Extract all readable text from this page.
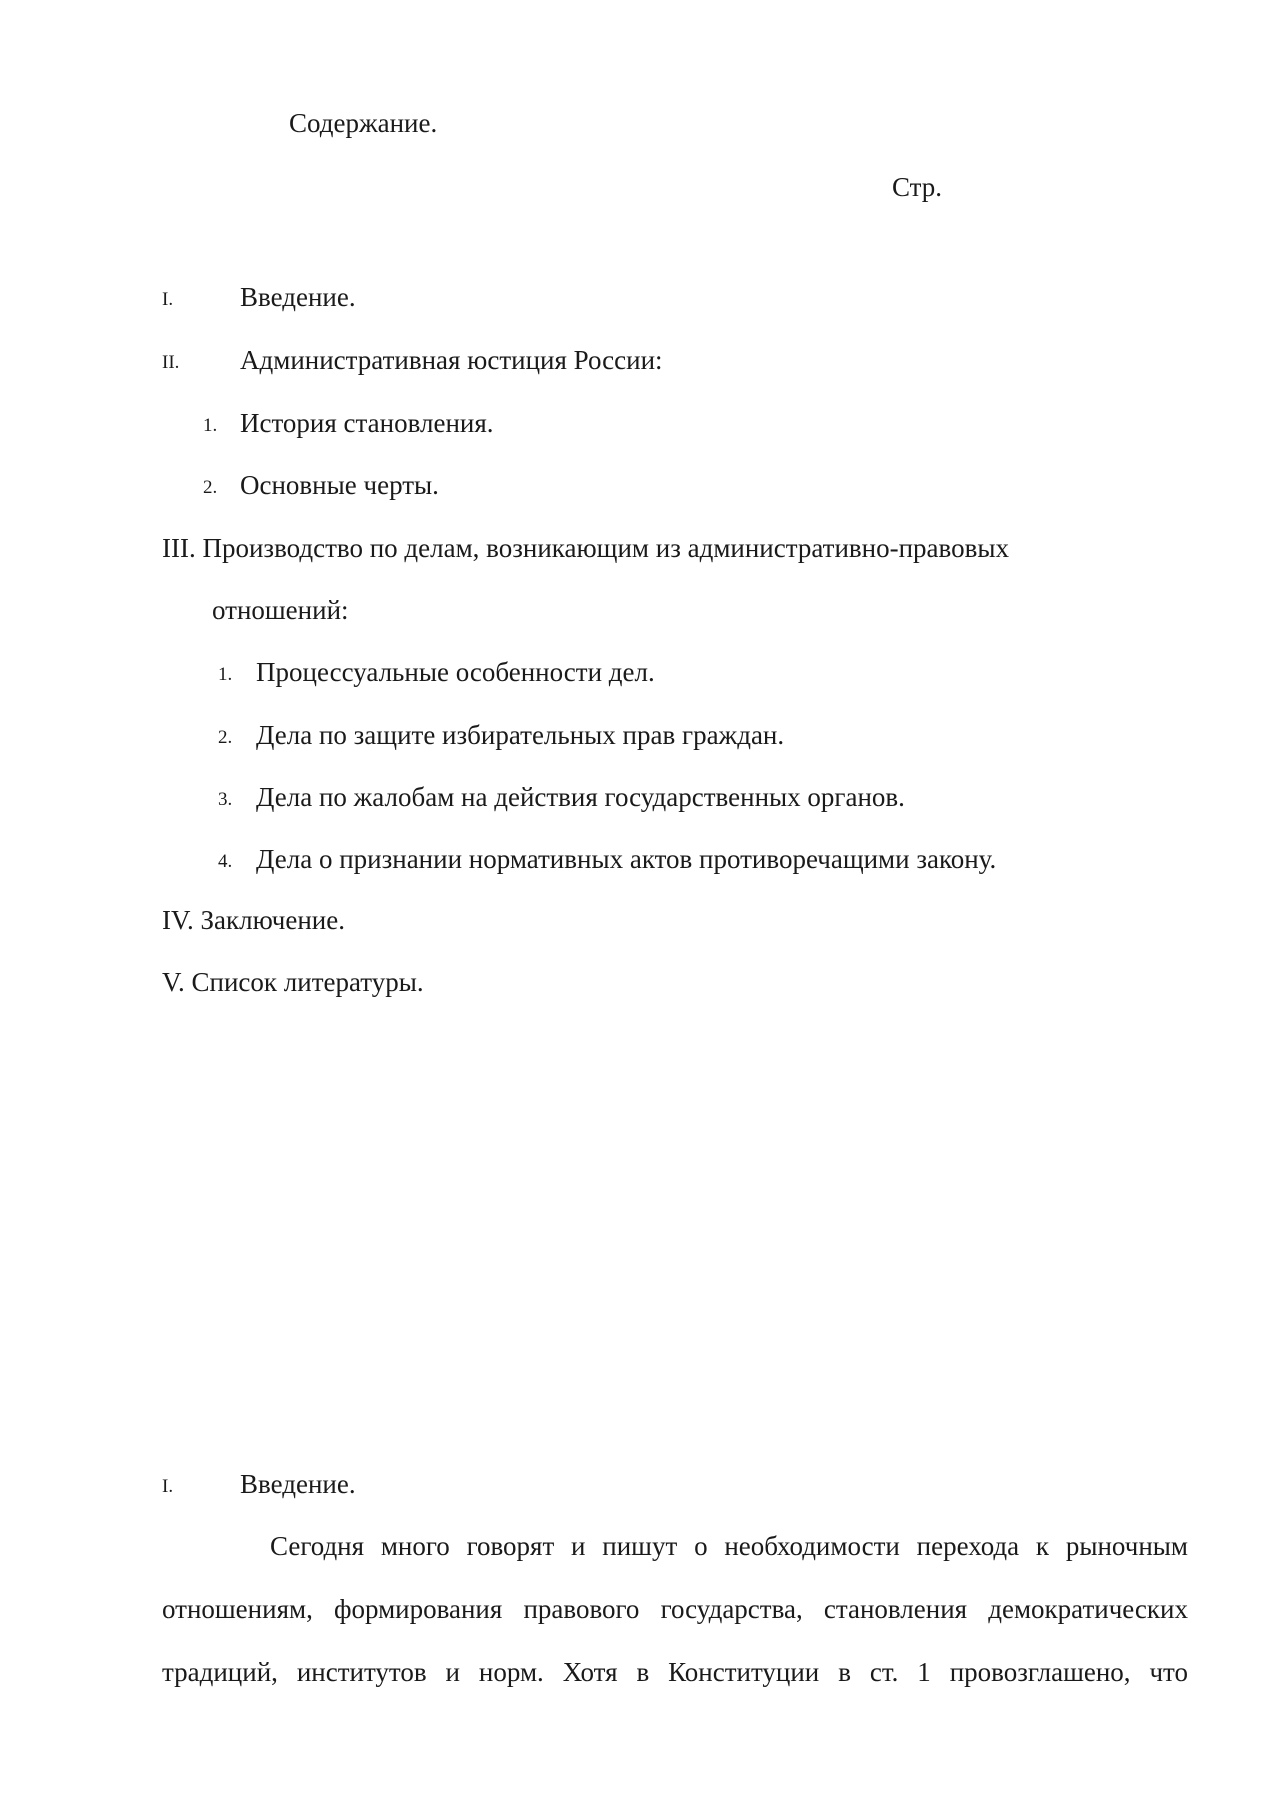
Содержание.
Стр.
I. Введение.
II. Административная юстиция России:
1. История становления.
2. Основные черты.
III. Производство по делам, возникающим из административно-правовых
отношений:
1. Процессуальные особенности дел.
2. Дела по защите избирательных прав граждан.
3. Дела по жалобам на действия государственных органов.
4. Дела о признании нормативных актов противоречащими закону.
IV. Заключение.
V. Список литературы.
I. Введение.
Сегодня много говорят и пишут о необходимости перехода к рыночным
отношениям, формирования правового государства, становления демократических
традиций, институтов и норм. Хотя в Конституции в ст. 1 провозглашено, что
